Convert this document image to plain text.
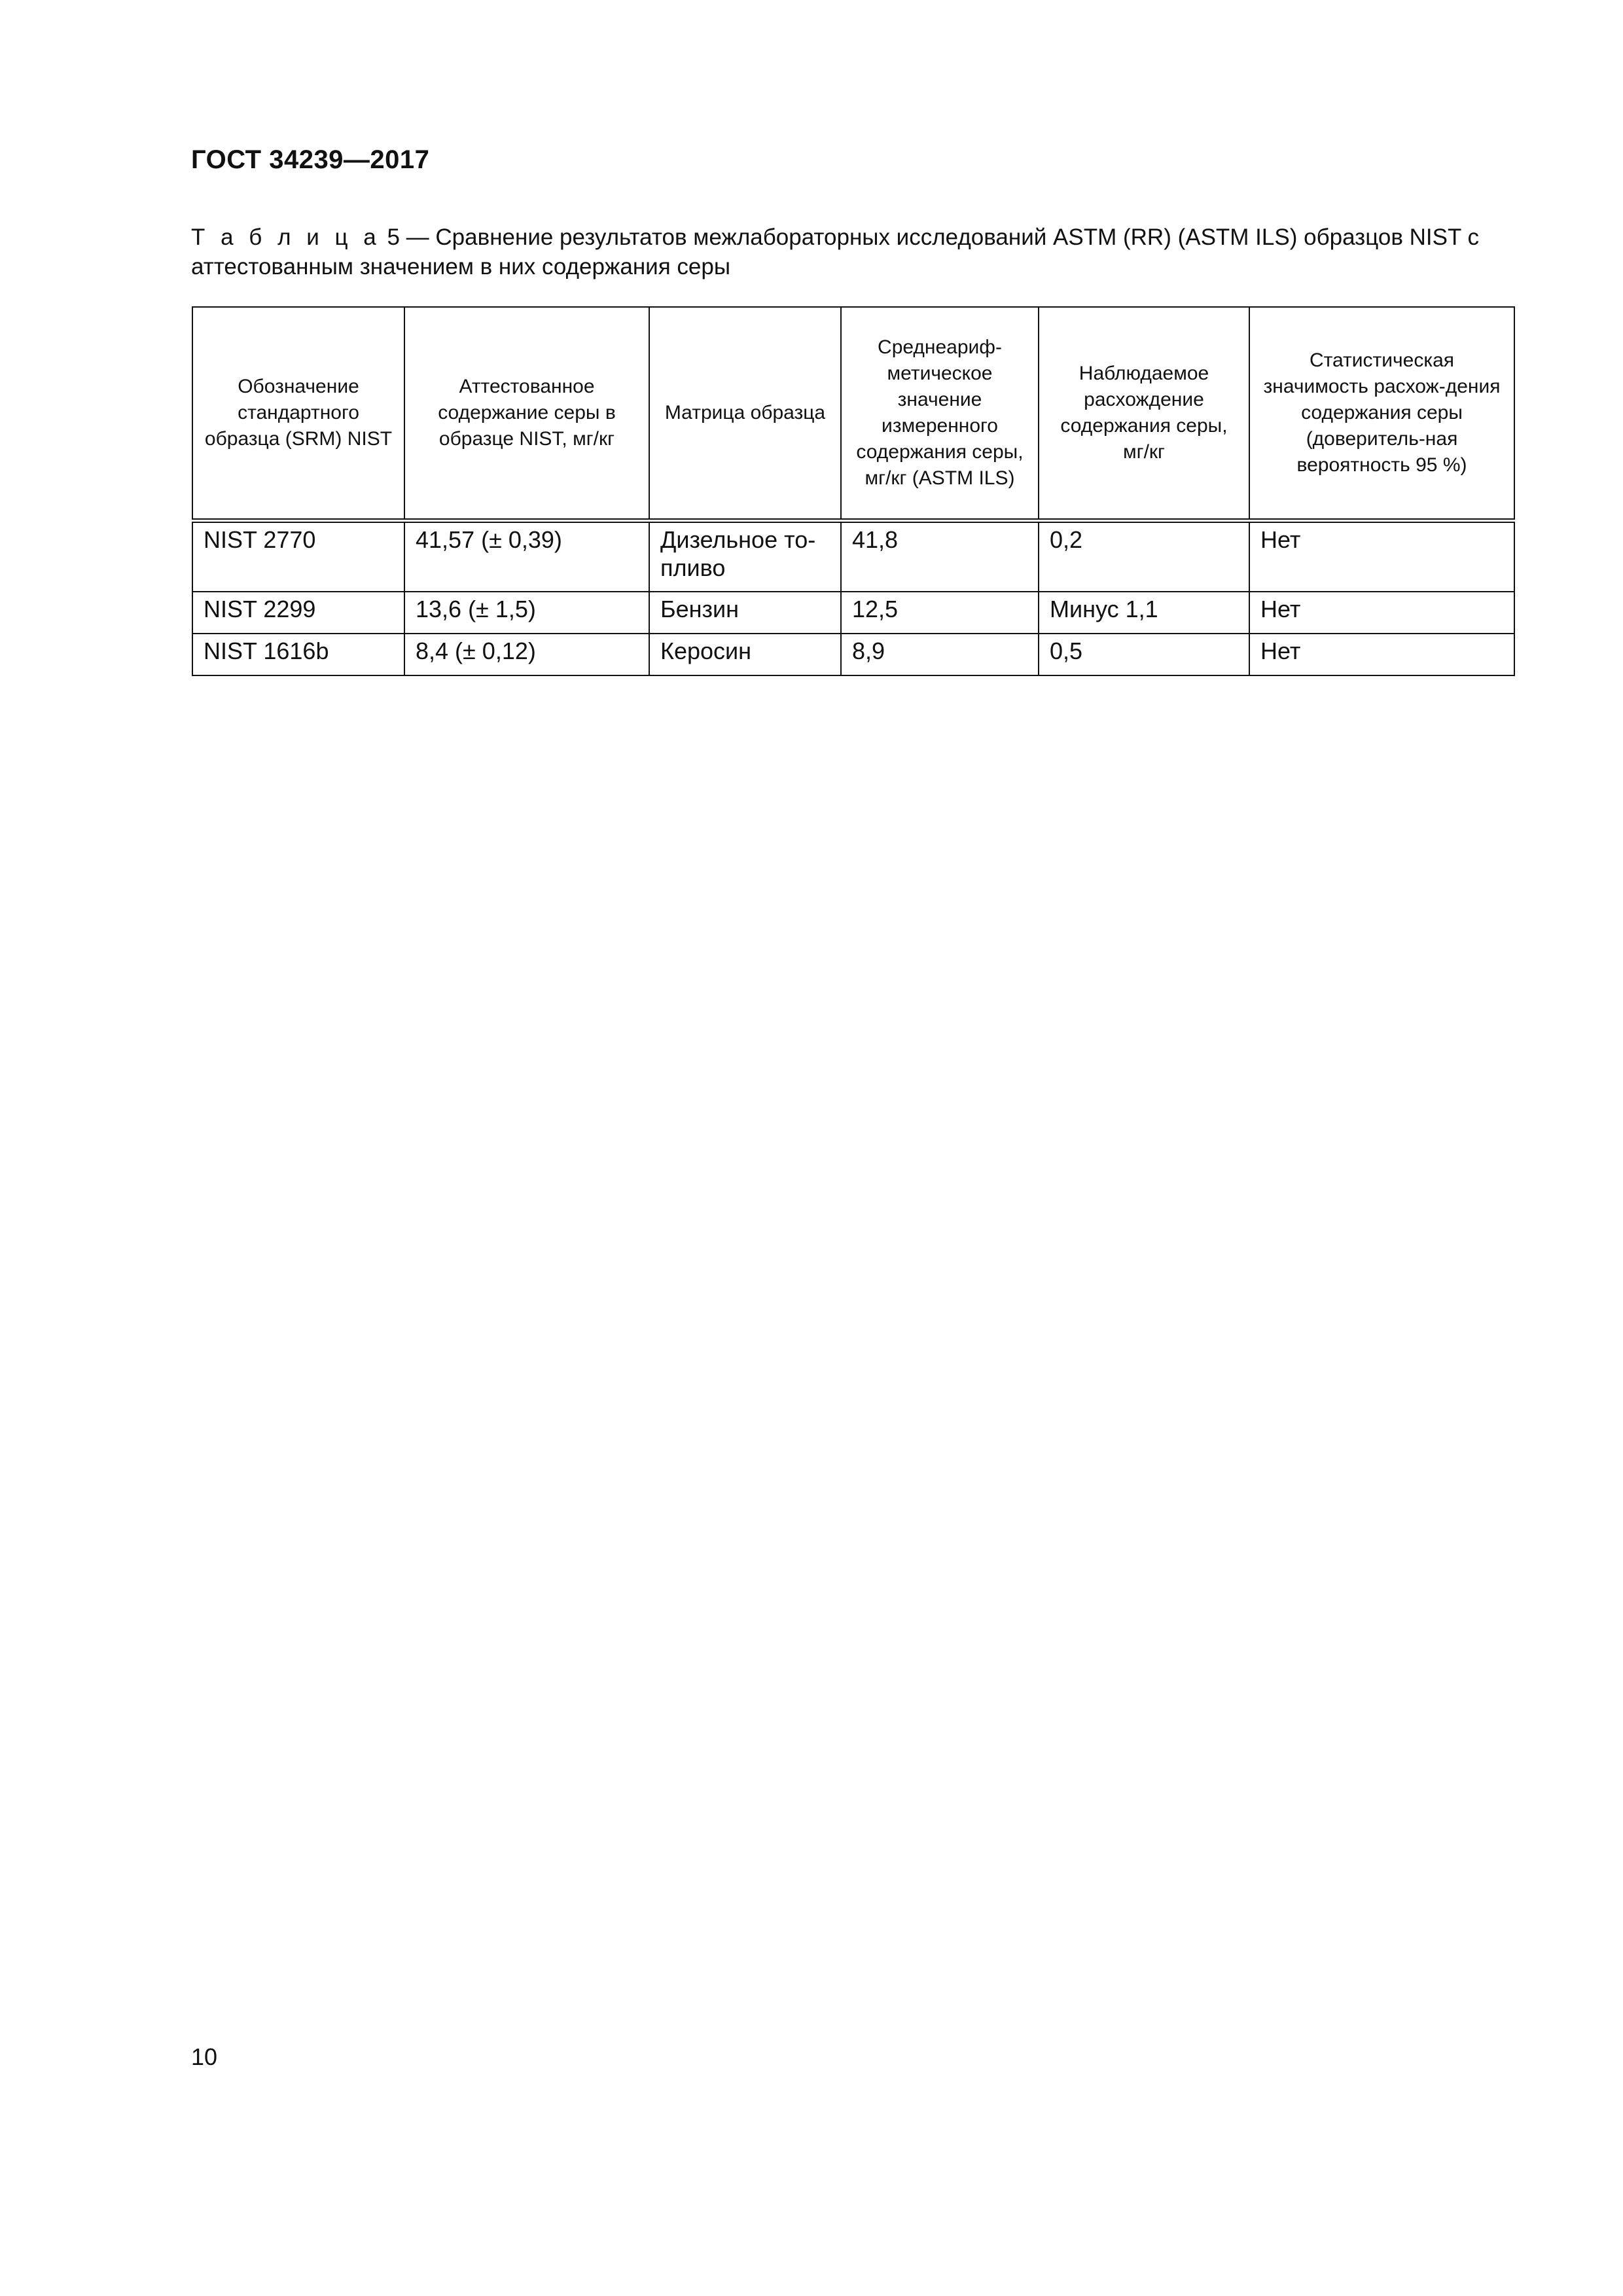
ГОСТ 34239—2017
Т а б л и ц а 5 — Сравнение результатов межлабораторных исследований ASTM (RR) (ASTM ILS) образцов NIST с аттестованным значением в них содержания серы
Обозначение стандартного образца (SRM) NIST	Аттестованное содержание серы в образце NIST, мг/кг	Матрица образца	Среднеариф-метическое значение измеренного содержания серы, мг/кг (ASTM ILS)	Наблюдаемое расхождение содержания серы, мг/кг	Статистическая значимость расхож-дения содержания серы (доверитель-ная вероятность 95 %)
NIST 2770	41,57 (± 0,39)	Дизельное то-пливо	41,8	0,2	Нет
NIST 2299	13,6 (± 1,5)	Бензин	12,5	Минус 1,1	Нет
NIST 1616b	8,4 (± 0,12)	Керосин	8,9	0,5	Нет
10
